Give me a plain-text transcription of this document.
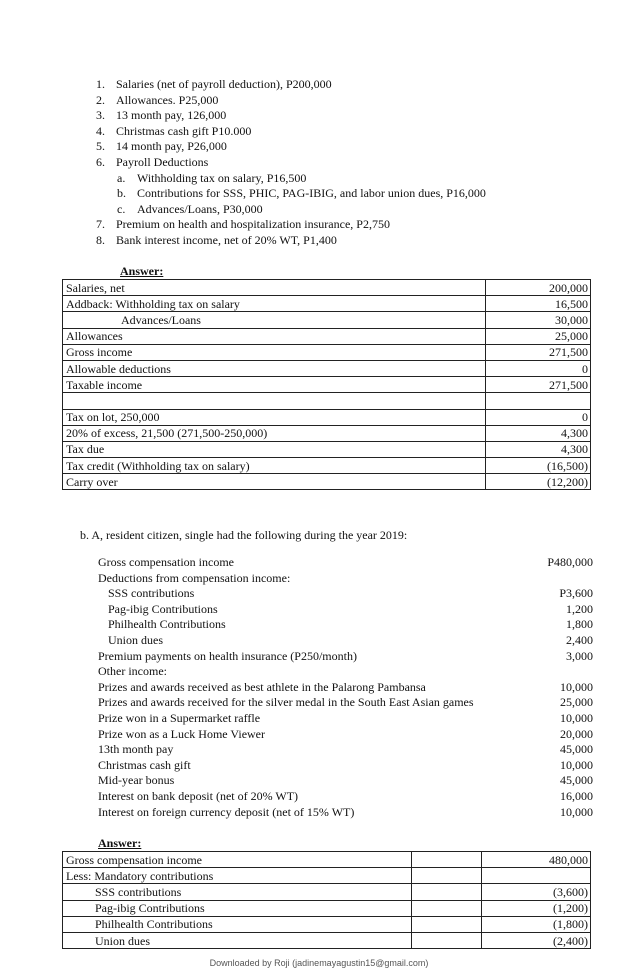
1. Salaries (net of payroll deduction), P200,000
2. Allowances. P25,000
3. 13 month pay, 126,000
4. Christmas cash gift P10.000
5. 14 month pay, P26,000
6. Payroll Deductions
a. Withholding tax on salary, P16,500
b. Contributions for SSS, PHIC, PAG-IBIG, and labor union dues, P16,000
c. Advances/Loans, P30,000
7. Premium on health and hospitalization insurance, P2,750
8. Bank interest income, net of 20% WT, P1,400
Answer:
Salaries, net	200,000
Addback: Withholding tax on salary	16,500
Advances/Loans	30,000
Allowances	25,000
Gross income	271,500
Allowable deductions	0
Taxable income	271,500

Tax on lot, 250,000	0
20% of excess, 21,500 (271,500-250,000)	4,300
Tax due	4,300
Tax credit (Withholding tax on salary)	(16,500)
Carry over	(12,200)
b. A, resident citizen, single had the following during the year 2019:
Gross compensation income	P480,000
Deductions from compensation income:
SSS contributions	P3,600
Pag-ibig Contributions	1,200
Philhealth Contributions	1,800
Union dues	2,400
Premium payments on health insurance (P250/month)	3,000
Other income:
Prizes and awards received as best athlete in the Palarong Pambansa	10,000
Prizes and awards received for the silver medal in the South East Asian games	25,000
Prize won in a Supermarket raffle	10,000
Prize won as a Luck Home Viewer	20,000
13th month pay	45,000
Christmas cash gift	10,000
Mid-year bonus	45,000
Interest on bank deposit (net of 20% WT)	16,000
Interest on foreign currency deposit (net of 15% WT)	10,000
Answer:
Gross compensation income		480,000
Less: Mandatory contributions		
SSS contributions		(3,600)
Pag-ibig Contributions		(1,200)
Philhealth Contributions		(1,800)
Union dues		(2,400)
Downloaded by Roji (jadinemayagustin15@gmail.com)
